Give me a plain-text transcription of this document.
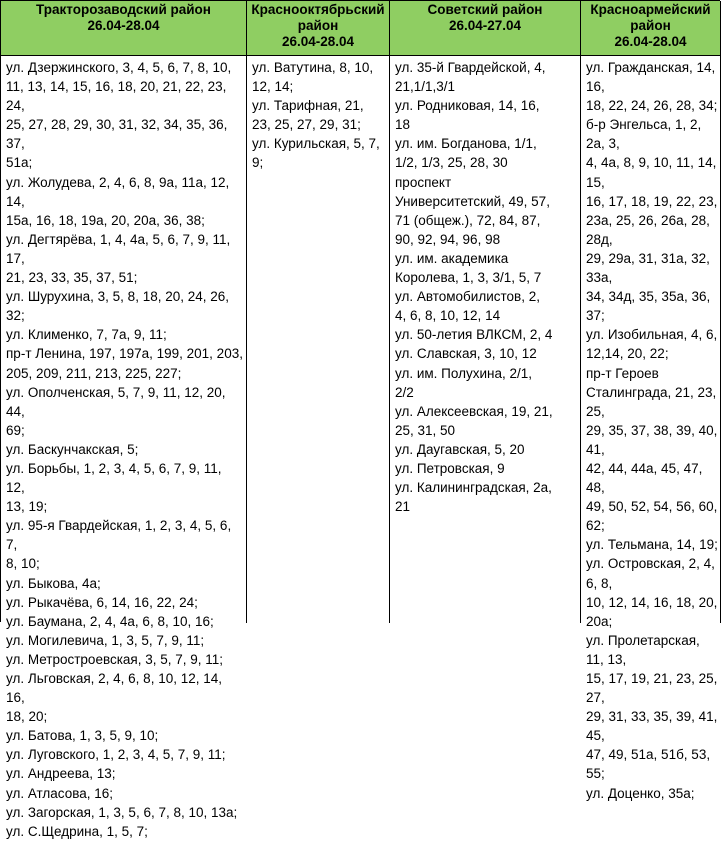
Тракторозаводский район
26.04-28.04
ул. Дзержинского, 3, 4, 5, 6, 7, 8, 10,
11, 13, 14, 15, 16, 18, 20, 21, 22, 23, 24,
25, 27, 28, 29, 30, 31, 32, 34, 35, 36, 37,
51а;
ул. Жолудева, 2, 4, 6, 8, 9а, 11а, 12, 14,
15а, 16, 18, 19а, 20, 20а, 36, 38;
ул. Дегтярёва, 1, 4, 4а, 5, 6, 7, 9, 11, 17,
21, 23, 33, 35, 37, 51;
ул. Шурухина, 3, 5, 8, 18, 20, 24, 26, 32;
ул. Клименко, 7, 7а, 9, 11;
пр-т Ленина, 197, 197а, 199, 201, 203,
205, 209, 211, 213, 225, 227;
ул. Ополченская, 5, 7, 9, 11, 12, 20, 44,
69;
ул. Баскунчакская, 5;
ул. Борьбы, 1, 2, 3, 4, 5, 6, 7, 9, 11, 12,
13, 19;
ул. 95-я Гвардейская, 1, 2, 3, 4, 5, 6, 7,
8, 10;
ул. Быкова, 4а;
ул. Рыкачёва, 6, 14, 16, 22, 24;
ул. Баумана, 2, 4, 4а, 6, 8, 10, 16;
ул. Могилевича, 1, 3, 5, 7, 9, 11;
ул. Метростроевская, 3, 5, 7, 9, 11;
ул. Льговская, 2, 4, 6, 8, 10, 12, 14, 16,
18, 20;
ул. Батова, 1, 3, 5, 9, 10;
ул. Луговского, 1, 2, 3, 4, 5, 7, 9, 11;
ул. Андреева, 13;
ул. Атласова, 16;
ул. Загорская, 1, 3, 5, 6, 7, 8, 10, 13а;
ул. С.Щедрина, 1, 5, 7;
Краснооктябрьский район
26.04-28.04
ул. Ватутина, 8, 10,
12, 14;
ул. Тарифная, 21,
23, 25, 27, 29, 31;
ул. Курильская, 5, 7,
9;
Советский район
26.04-27.04
ул. 35-й Гвардейской, 4,
21,1/1,3/1
ул. Родниковая, 14, 16,
18
ул. им. Богданова, 1/1,
1/2, 1/3, 25, 28, 30
проспект
Университетский, 49, 57,
71 (общеж.), 72, 84, 87,
90, 92, 94, 96, 98
ул. им. академика
Королева, 1, 3, 3/1, 5, 7
ул. Автомобилистов, 2,
4, 6, 8, 10, 12, 14
ул. 50-летия ВЛКСМ, 2, 4
ул. Славская, 3, 10, 12
ул. им. Полухина, 2/1,
2/2
ул. Алексеевская, 19, 21,
25, 31, 50
ул. Даугавская, 5, 20
ул. Петровская, 9
ул. Калининградская, 2а,
21
Красноармейский район
26.04-28.04
ул. Гражданская, 14, 16,
18, 22, 24, 26, 28, 34;
б-р Энгельса, 1, 2, 2а, 3,
4, 4а, 8, 9, 10, 11, 14, 15,
16, 17, 18, 19, 22, 23,
23а, 25, 26, 26а, 28, 28д,
29, 29а, 31, 31а, 32, 33а,
34, 34д, 35, 35а, 36, 37;
ул. Изобильная, 4, 6,
12,14, 20, 22;
пр-т Героев
Сталинграда, 21, 23, 25,
29, 35, 37, 38, 39, 40, 41,
42, 44, 44а, 45, 47, 48,
49, 50, 52, 54, 56, 60, 62;
ул. Тельмана, 14, 19;
ул. Островская, 2, 4, 6, 8,
10, 12, 14, 16, 18, 20,
20а;
ул. Пролетарская, 11, 13,
15, 17, 19, 21, 23, 25, 27,
29, 31, 33, 35, 39, 41, 45,
47, 49, 51а, 51б, 53, 55;
ул. Доценко, 35а;
